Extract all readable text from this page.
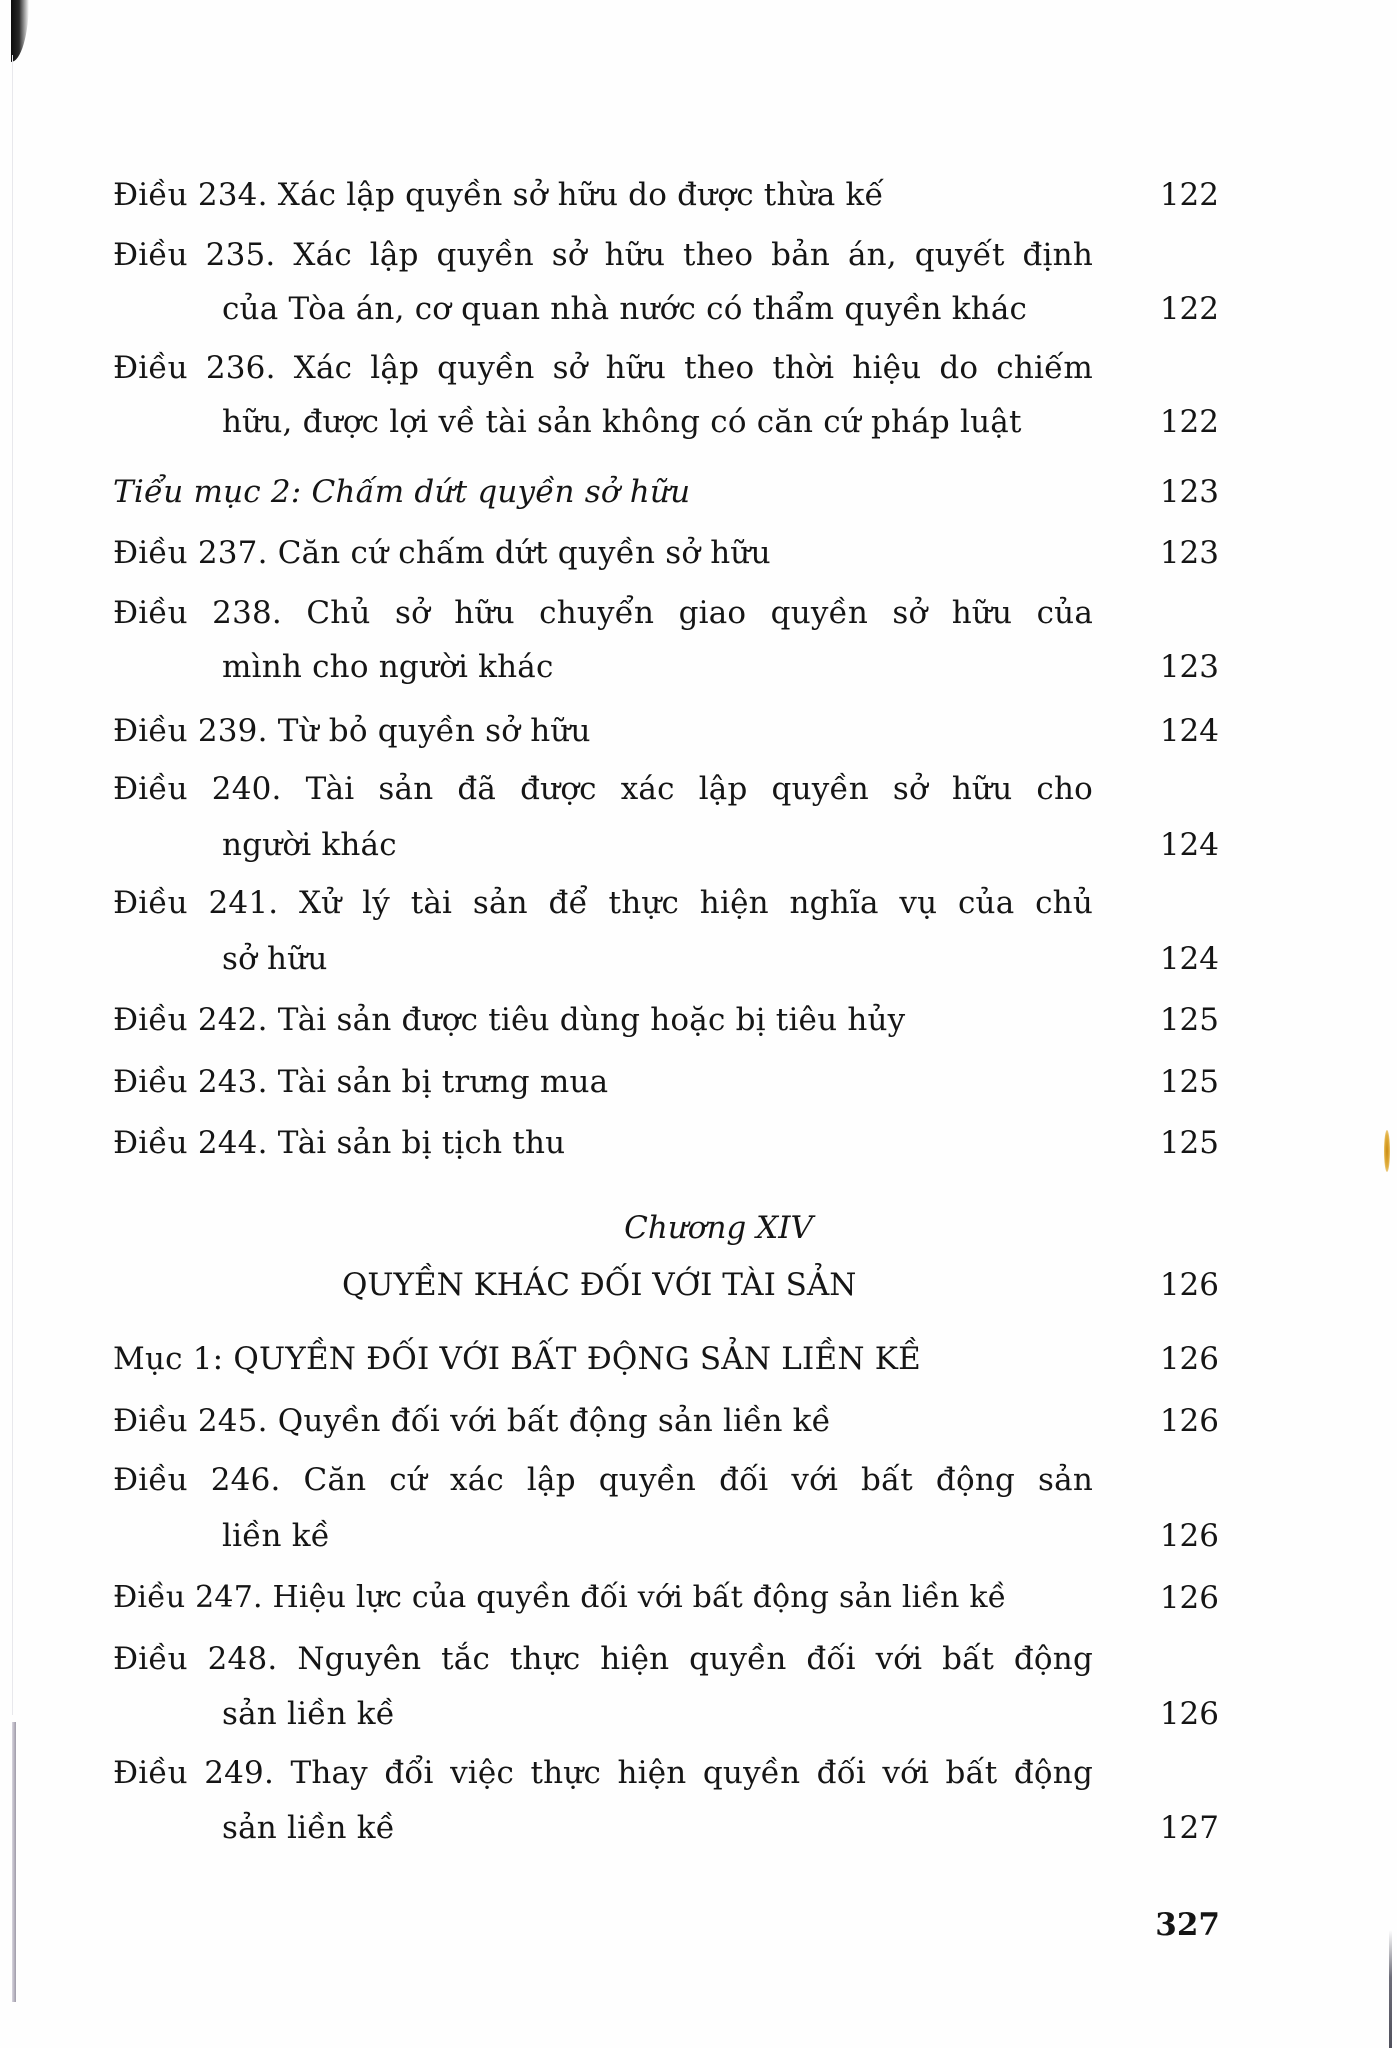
Điều 234. Xác lập quyền sở hữu do được thừa kế	122
Điều 235. Xác lập quyền sở hữu theo bản án, quyết định
của Tòa án, cơ quan nhà nước có thẩm quyền khác	122
Điều 236. Xác lập quyền sở hữu theo thời hiệu do chiếm
hữu, được lợi về tài sản không có căn cứ pháp luật	122
Tiểu mục 2: Chấm dứt quyền sở hữu	123
Điều 237. Căn cứ chấm dứt quyền sở hữu	123
Điều 238. Chủ sở hữu chuyển giao quyền sở hữu của
mình cho người khác	123
Điều 239. Từ bỏ quyền sở hữu	124
Điều 240. Tài sản đã được xác lập quyền sở hữu cho
người khác	124
Điều 241. Xử lý tài sản để thực hiện nghĩa vụ của chủ
sở hữu	124
Điều 242. Tài sản được tiêu dùng hoặc bị tiêu hủy	125
Điều 243. Tài sản bị trưng mua	125
Điều 244. Tài sản bị tịch thu	125
Chương XIV
QUYỀN KHÁC ĐỐI VỚI TÀI SẢN	126
Mục 1: QUYỀN ĐỐI VỚI BẤT ĐỘNG SẢN LIỀN KỀ	126
Điều 245. Quyền đối với bất động sản liền kề	126
Điều 246. Căn cứ xác lập quyền đối với bất động sản
liền kề	126
Điều 247. Hiệu lực của quyền đối với bất động sản liền kề	126
Điều 248. Nguyên tắc thực hiện quyền đối với bất động
sản liền kề	126
Điều 249. Thay đổi việc thực hiện quyền đối với bất động
sản liền kề	127
327
